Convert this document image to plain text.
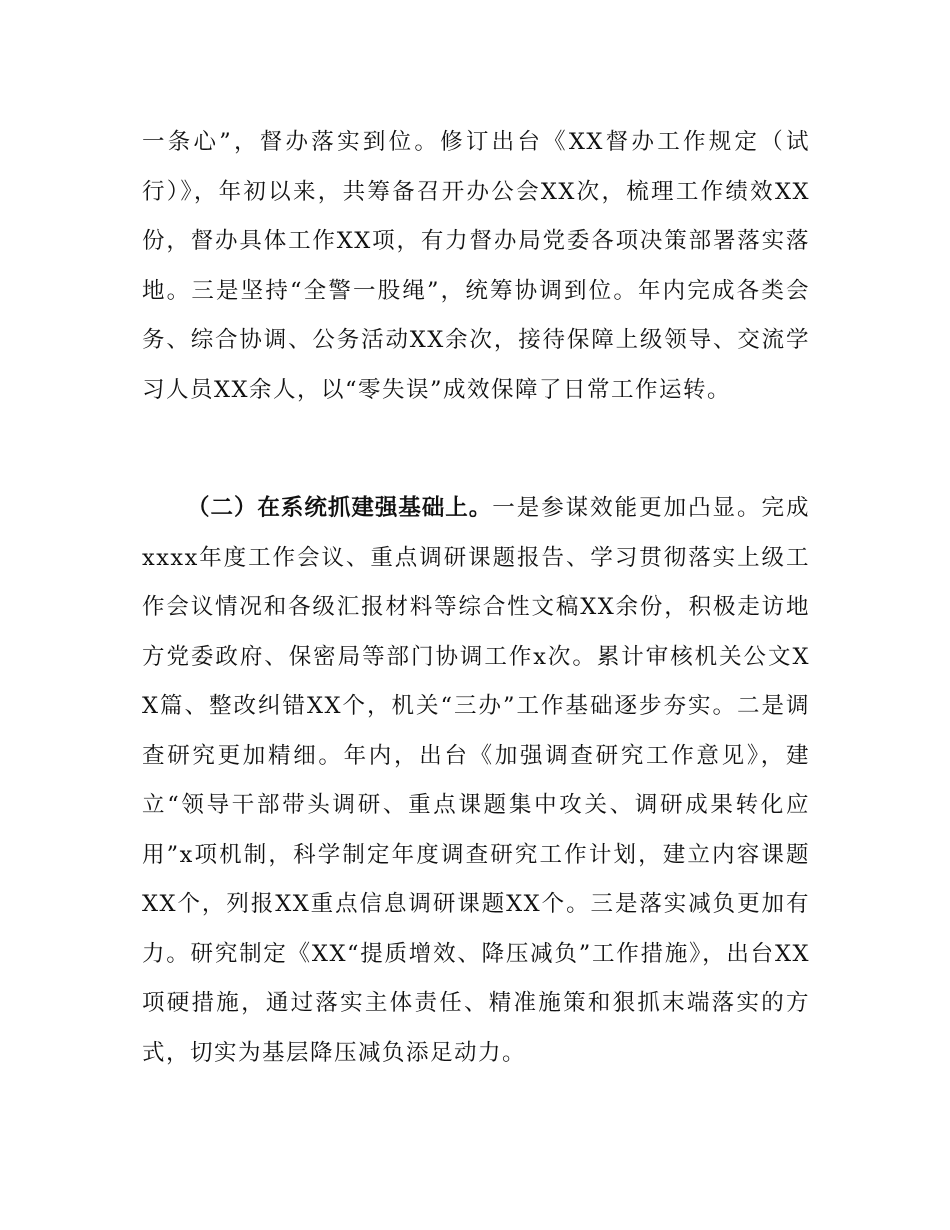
一条心”，督办落实到位。修订出台《XX督办工作规定（试行）》，年初以来，共筹备召开办公会XX次，梳理工作绩效XX份，督办具体工作XX项，有力督办局党委各项决策部署落实落地。三是坚持“全警一股绳”，统筹协调到位。年内完成各类会务、综合协调、公务活动XX余次，接待保障上级领导、交流学习人员XX余人，以“零失误”成效保障了日常工作运转。

（二）在系统抓建强基础上。一是参谋效能更加凸显。完成xxxx年度工作会议、重点调研课题报告、学习贯彻落实上级工作会议情况和各级汇报材料等综合性文稿XX余份，积极走访地方党委政府、保密局等部门协调工作x次。累计审核机关公文XX篇、整改纠错XX个，机关“三办”工作基础逐步夯实。二是调查研究更加精细。年内，出台《加强调查研究工作意见》，建立“领导干部带头调研、重点课题集中攻关、调研成果转化应用”x项机制，科学制定年度调查研究工作计划，建立内容课题XX个，列报XX重点信息调研课题XX个。三是落实减负更加有力。研究制定《XX“提质增效、降压减负”工作措施》，出台XX项硬措施，通过落实主体责任、精准施策和狠抓末端落实的方式，切实为基层降压减负添足动力。
